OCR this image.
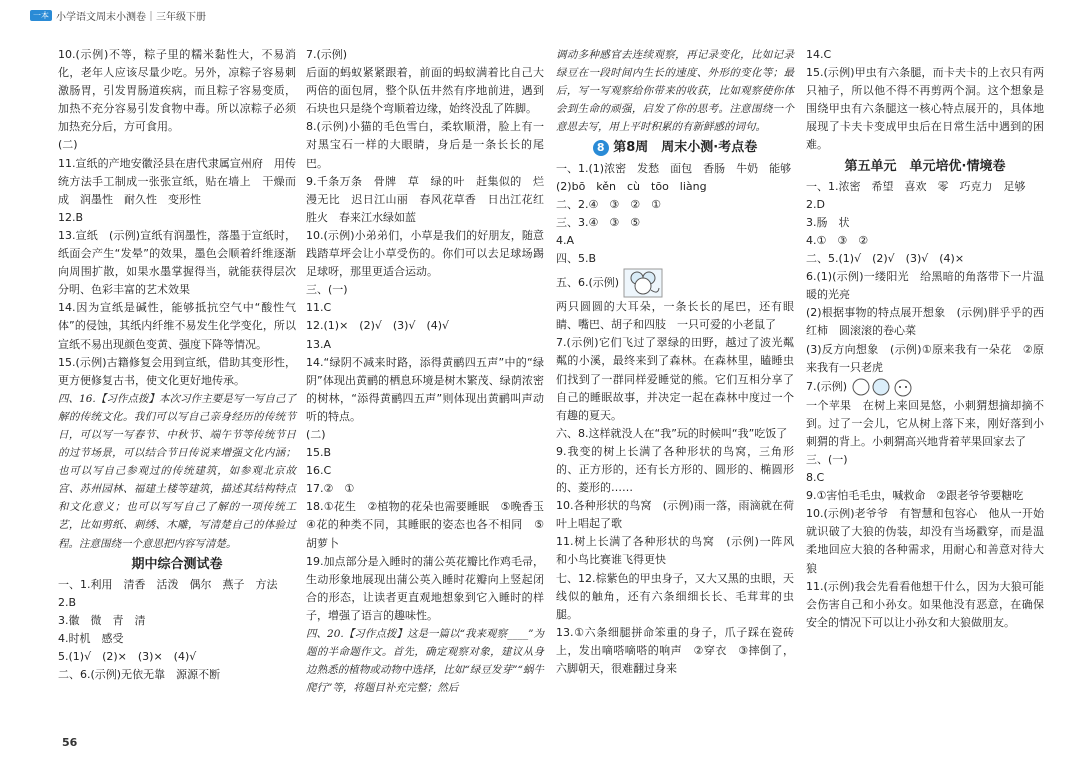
一本 小学语文周末小测卷｜三年级下册

10.(示例)不等，粽子里的糯米黏性大，不易消化，老年人应该尽量少吃。另外，凉粽子容易刺激肠胃，引发胃肠道疾病，而且粽子容易变质，加热不充分容易引发食物中毒。所以凉粽子必须加热充分后，方可食用。

(二)

11.宣纸的产地安徽泾县在唐代隶属宣州府　用传统方法手工制成一张张宣纸，贴在墙上　干燥而成　润墨性　耐久性　变形性

12.B

13.宣纸　(示例)宣纸有润墨性，落墨于宣纸时，纸面会产生“发晕”的效果，墨色会顺着纤维逐渐向周围扩散，如果水墨掌握得当，就能获得层次分明、色彩丰富的艺术效果

14.因为宣纸是碱性，能够抵抗空气中“酸性气体”的侵蚀，其纸内纤维不易发生化学变化，所以宣纸不易出现颜色变黄、强度下降等情况。

15.(示例)古籍修复会用到宣纸，借助其变形性，更方便修复古书，使文化更好地传承。

四、16.【习作点拨】本次习作主要是写一写自己了解的传统文化。我们可以写自己亲身经历的传统节日，可以写一写春节、中秋节、端午节等传统节日的过节场景，可以结合节日传说来增强文化内涵；也可以写自己参观过的传统建筑，如参观北京故宫、苏州园林、福建土楼等建筑，描述其结构特点和文化意义；也可以写写自己了解的一项传统工艺，比如剪纸、刺绣、木雕，写清楚自己的体验过程。注意围绕一个意思把内容写清楚。

期中综合测试卷

一、1.利用　清香　活泼　偶尔　燕子　方法

2.B

3.徽　微　青　清

4.时机　感受

5.(1)√　(2)×　(3)×　(4)√

二、6.(示例)无依无靠　源源不断

7.(示例)

后面的蚂蚁紧紧跟着，前面的蚂蚁满着比自己大两倍的面包屑，整个队伍井然有序地前进，遇到石块也只是绕个弯顺着边缘，始终没乱了阵脚。

8.(示例)小猫的毛色雪白，柔软顺滑，脸上有一对黑宝石一样的大眼睛，身后是一条长长的尾巴。

9.千条万条　骨牌　草　绿的叶　赶集似的　烂漫无比　迟日江山丽　春风花草香　日出江花红胜火　春来江水绿如蓝

10.(示例)小弟弟们，小草是我们的好朋友，随意践踏草坪会让小草受伤的。你们可以去足球场踢足球呀，那里更适合运动。

三、(一)

11.C

12.(1)×　(2)√　(3)√　(4)√

13.A

14.“绿阴不减来时路，添得黄鹂四五声”中的“绿阴”体现出黄鹂的栖息环境是树木繁茂、绿荫浓密的树林，“添得黄鹂四五声”则体现出黄鹂叫声动听的特点。

(二)

15.B

16.C

17.②　①

18.①花生　②植物的花朵也需要睡眠　⑤晚香玉　④花的种类不同，其睡眠的姿态也各不相同　⑤胡萝卜

19.加点部分是入睡时的蒲公英花瓣比作鸡毛帚，生动形象地展现出蒲公英入睡时花瓣向上竖起闭合的形态，让读者更直观地想象到它入睡时的样子，增强了语言的趣味性。

四、20.【习作点拨】这是一篇以“我来观察____”为题的半命题作文。首先，确定观察对象，建议从身边熟悉的植物或动物中选择，比如“绿豆发芽”“蜗牛爬行”等，将题目补充完整；然后

调动多种感官去连续观察，再记录变化，比如记录绿豆在一段时间内生长的速度、外形的变化等；最后，写一写观察给你带来的收获，比如观察使你体会到生命的顽强，启发了你的思考。注意围绕一个意思去写，用上平时积累的有新鲜感的词句。

8 第8周　周末小测·考点卷

一、1.(1)浓密　发愁　面包　香肠　牛奶　能够

(2)bō　kěn　cù　tōo　liàng

二、2.④　③　②　①

三、3.④　③　⑤

4.A

四、5.B

五、6.(示例)

两只圆圆的大耳朵，一条长长的尾巴，还有眼睛、嘴巴、胡子和四肢　一只可爱的小老鼠了

7.(示例)它们飞过了翠绿的田野，越过了波光粼粼的小溪，最终来到了森林。在森林里，瞌睡虫们找到了一群同样爱睡觉的熊。它们互相分享了自己的睡眠故事，并决定一起在森林中度过一个有趣的夏天。

六、8.这样就没人在“我”玩的时候叫“我”吃饭了

9.我变的树上长满了各种形状的鸟窝，三角形的、正方形的，还有长方形的、圆形的、椭圆形的、菱形的……

10.各种形状的鸟窝　(示例)雨一落，雨滴就在荷叶上唱起了歌

11.树上长满了各种形状的鸟窝　(示例)一阵风　和小鸟比赛谁飞得更快

七、12.棕紫色的甲虫身子，又大又黑的虫眼，天线似的触角，还有六条细细长长、毛茸茸的虫腿。

13.①六条细腿拼命笨重的身子，爪子踩在瓷砖上，发出嘀嗒嘀嗒的响声　②穿衣　③摔倒了，六脚朝天，很难翻过身来

14.C

15.(示例)甲虫有六条腿，而卡夫卡的上衣只有两只袖子，所以他不得不再剪两个洞。这个想象是围绕甲虫有六条腿这一核心特点展开的，具体地展现了卡夫卡变成甲虫后在日常生活中遇到的困难。

第五单元　单元培优·情境卷

一、1.浓密　希望　喜欢　零　巧克力　足够

2.D

3.肠　状

4.①　③　②

二、5.(1)√　(2)√　(3)√　(4)×

6.(1)(示例)一缕阳光　给黑暗的角落带下一片温暖的光亮

(2)根据事物的特点展开想象　(示例)胖乎乎的西红柿　圆滚滚的卷心菜

(3)反方向想象　(示例)①原来我有一朵花　②原来我有一只老虎

7.(示例)

一个苹果　在树上来回晃悠，小刺猬想摘却摘不到。过了一会儿，它从树上落下来，刚好落到小刺猬的背上。小刺猬高兴地背着苹果回家去了

三、(一)

8.C

9.①害怕毛毛虫，喊救命　②跟老爷爷要糖吃

10.(示例)老爷爷　有智慧和包容心　他从一开始就识破了大狼的伪装，却没有当场戳穿，而是温柔地回应大狼的各种需求，用耐心和善意对待大狼

11.(示例)我会先看看他想干什么，因为大狼可能会伤害自己和小孙女。如果他没有恶意，在确保安全的情况下可以让小孙女和大狼做朋友。

56
